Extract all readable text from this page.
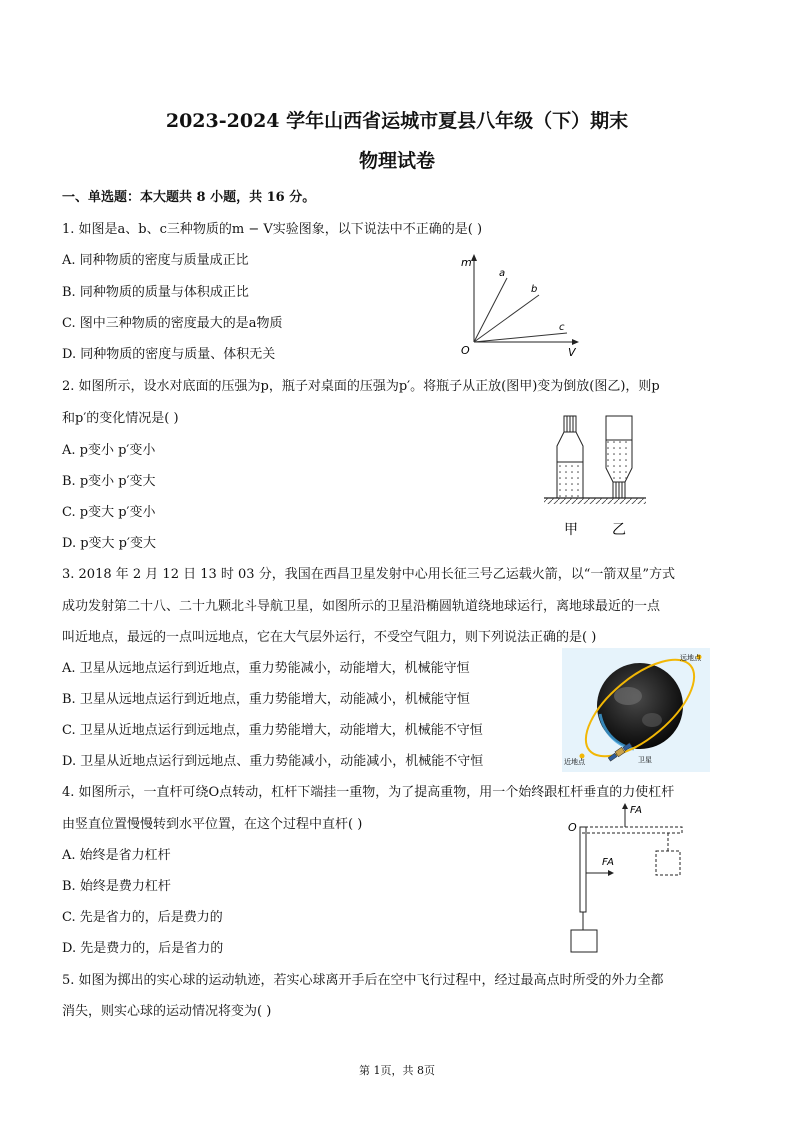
2023-2024 学年山西省运城市夏县八年级（下）期末
物理试卷
一、单选题：本大题共 8 小题，共 16 分。
1. 如图是a、b、c三种物质的m − V实验图象，以下说法中不正确的是( )
A. 同种物质的密度与质量成正比
B. 同种物质的质量与体积成正比
C. 图中三种物质的密度最大的是a物质
D. 同种物质的密度与质量、体积无关
m
V
O
a
b
c
2. 如图所示，设水对底面的压强为p，瓶子对桌面的压强为p′。将瓶子从正放(图甲)变为倒放(图乙)，则p
和p′的变化情况是( )
A. p变小 p′变小
B. p变小 p′变大
C. p变大 p′变小
D. p变大 p′变大
甲 乙
3. 2018 年 2 月 12 日 13 时 03 分，我国在西昌卫星发射中心用长征三号乙运载火箭，以“一箭双星”方式
成功发射第二十八、二十九颗北斗导航卫星，如图所示的卫星沿椭圆轨道绕地球运行，离地球最近的一点
叫近地点，最远的一点叫远地点，它在大气层外运行，不受空气阻力，则下列说法正确的是( )
A. 卫星从远地点运行到近地点，重力势能减小，动能增大，机械能守恒
B. 卫星从远地点运行到近地点，重力势能增大，动能减小，机械能守恒
C. 卫星从近地点运行到远地点，重力势能增大，动能增大，机械能不守恒
D. 卫星从近地点运行到远地点、重力势能减小，动能减小，机械能不守恒
远地点
近地点	卫星
4. 如图所示，一直杆可绕O点转动，杠杆下端挂一重物，为了提高重物，用一个始终跟杠杆垂直的力使杠杆
由竖直位置慢慢转到水平位置，在这个过程中直杆( )
A. 始终是省力杠杆
B. 始终是费力杠杆
C. 先是省力的，后是费力的
D. 先是费力的，后是省力的
O
FA
FA
5. 如图为掷出的实心球的运动轨迹，若实心球离开手后在空中飞行过程中，经过最高点时所受的外力全都
消失，则实心球的运动情况将变为( )
第 1页，共 8页
